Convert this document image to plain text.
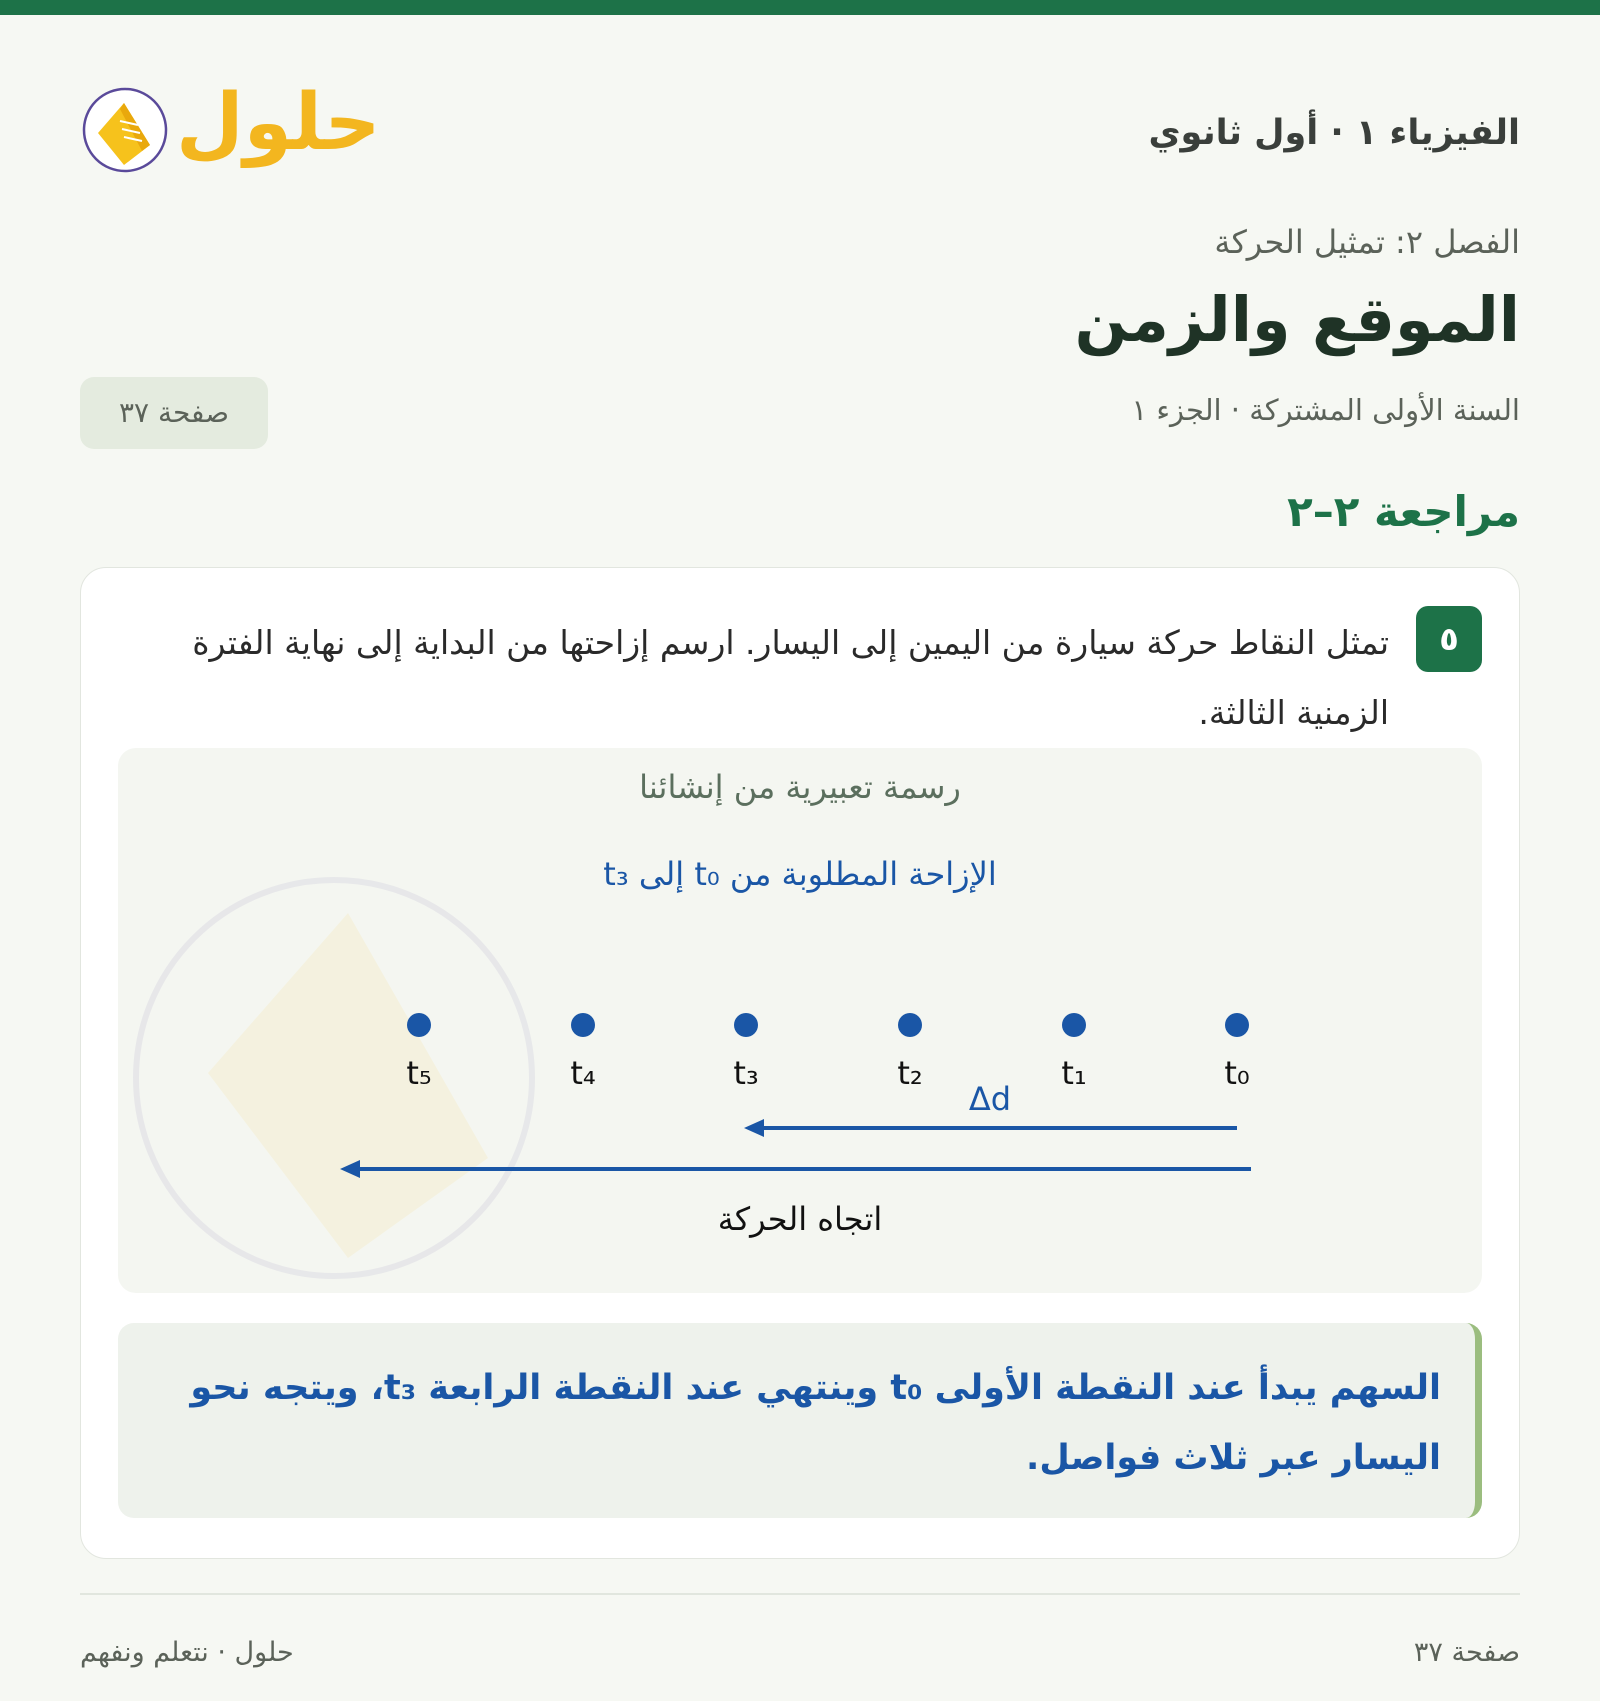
الفيزياء ١ · أول ثانوي
حلول
الفصل ٢: تمثيل الحركة
الموقع والزمن
السنة الأولى المشتركة · الجزء ١
صفحة ٣٧
مراجعة ٢–٢
٥
تمثل النقاط حركة سيارة من اليمين إلى اليسار. ارسم إزاحتها من البداية إلى نهاية الفترة الزمنية الثالثة.
رسمة تعبيرية من إنشائنا
الإزاحة المطلوبة من t₀ إلى t₃
t₀
t₁
t₂
t₃
t₄
t₅
Δd
اتجاه الحركة
السهم يبدأ عند النقطة الأولى t₀ وينتهي عند النقطة الرابعة t₃، ويتجه نحو اليسار عبر ثلاث فواصل.
صفحة ٣٧
حلول · نتعلم ونفهم
